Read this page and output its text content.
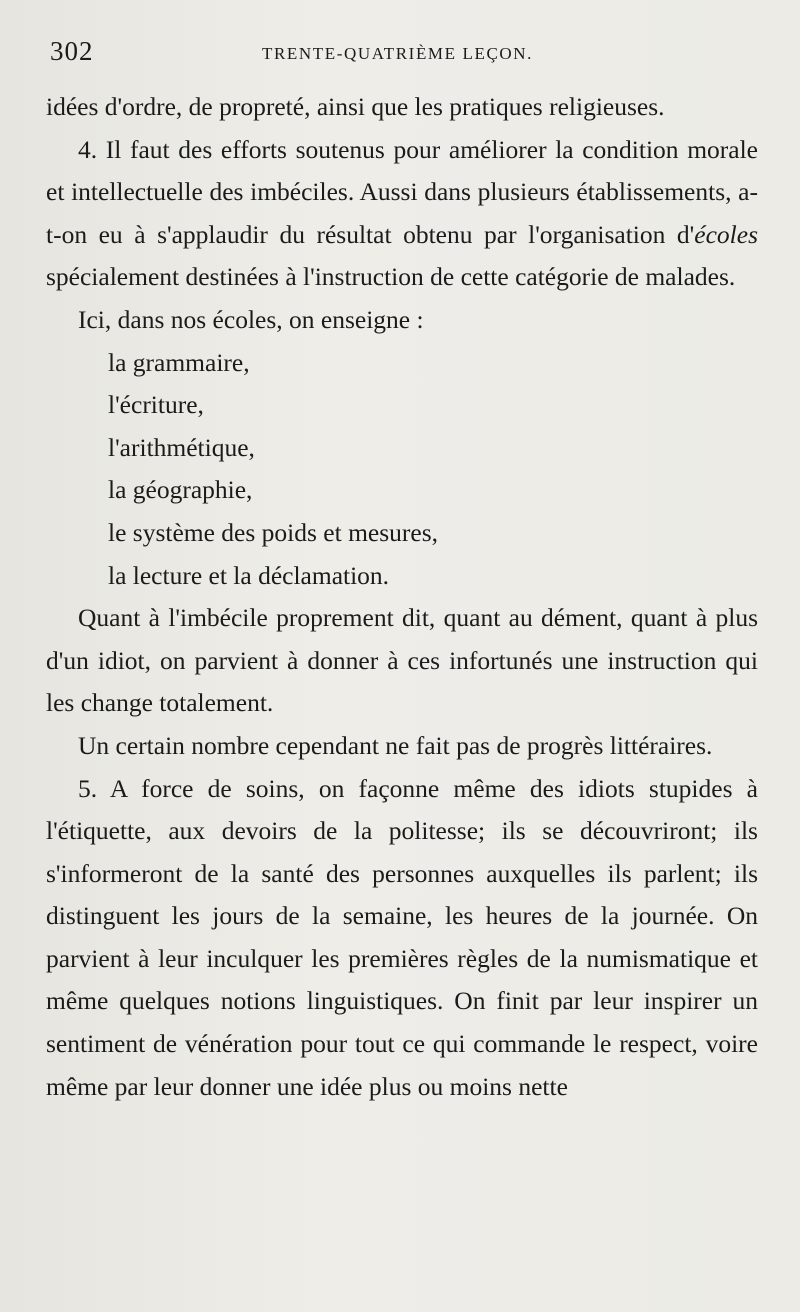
302	TRENTE-QUATRIÈME LEÇON.

idées d'ordre, de propreté, ainsi que les pratiques religieuses.

4. Il faut des efforts soutenus pour améliorer la condition morale et intellectuelle des imbéciles. Aussi dans plusieurs établissements, a-t-on eu à s'applaudir du résultat obtenu par l'organisation d'écoles spécialement destinées à l'instruction de cette catégorie de malades.

Ici, dans nos écoles, on enseigne :

la grammaire,
l'écriture,
l'arithmétique,
la géographie,
le système des poids et mesures,
la lecture et la déclamation.

Quant à l'imbécile proprement dit, quant au dément, quant à plus d'un idiot, on parvient à donner à ces infortunés une instruction qui les change totalement.

Un certain nombre cependant ne fait pas de progrès littéraires.

5. A force de soins, on façonne même des idiots stupides à l'étiquette, aux devoirs de la politesse; ils se découvriront; ils s'informeront de la santé des personnes auxquelles ils parlent; ils distinguent les jours de la semaine, les heures de la journée. On parvient à leur inculquer les premières règles de la numismatique et même quelques notions linguistiques. On finit par leur inspirer un sentiment de vénération pour tout ce qui commande le respect, voire même par leur donner une idée plus ou moins nette
